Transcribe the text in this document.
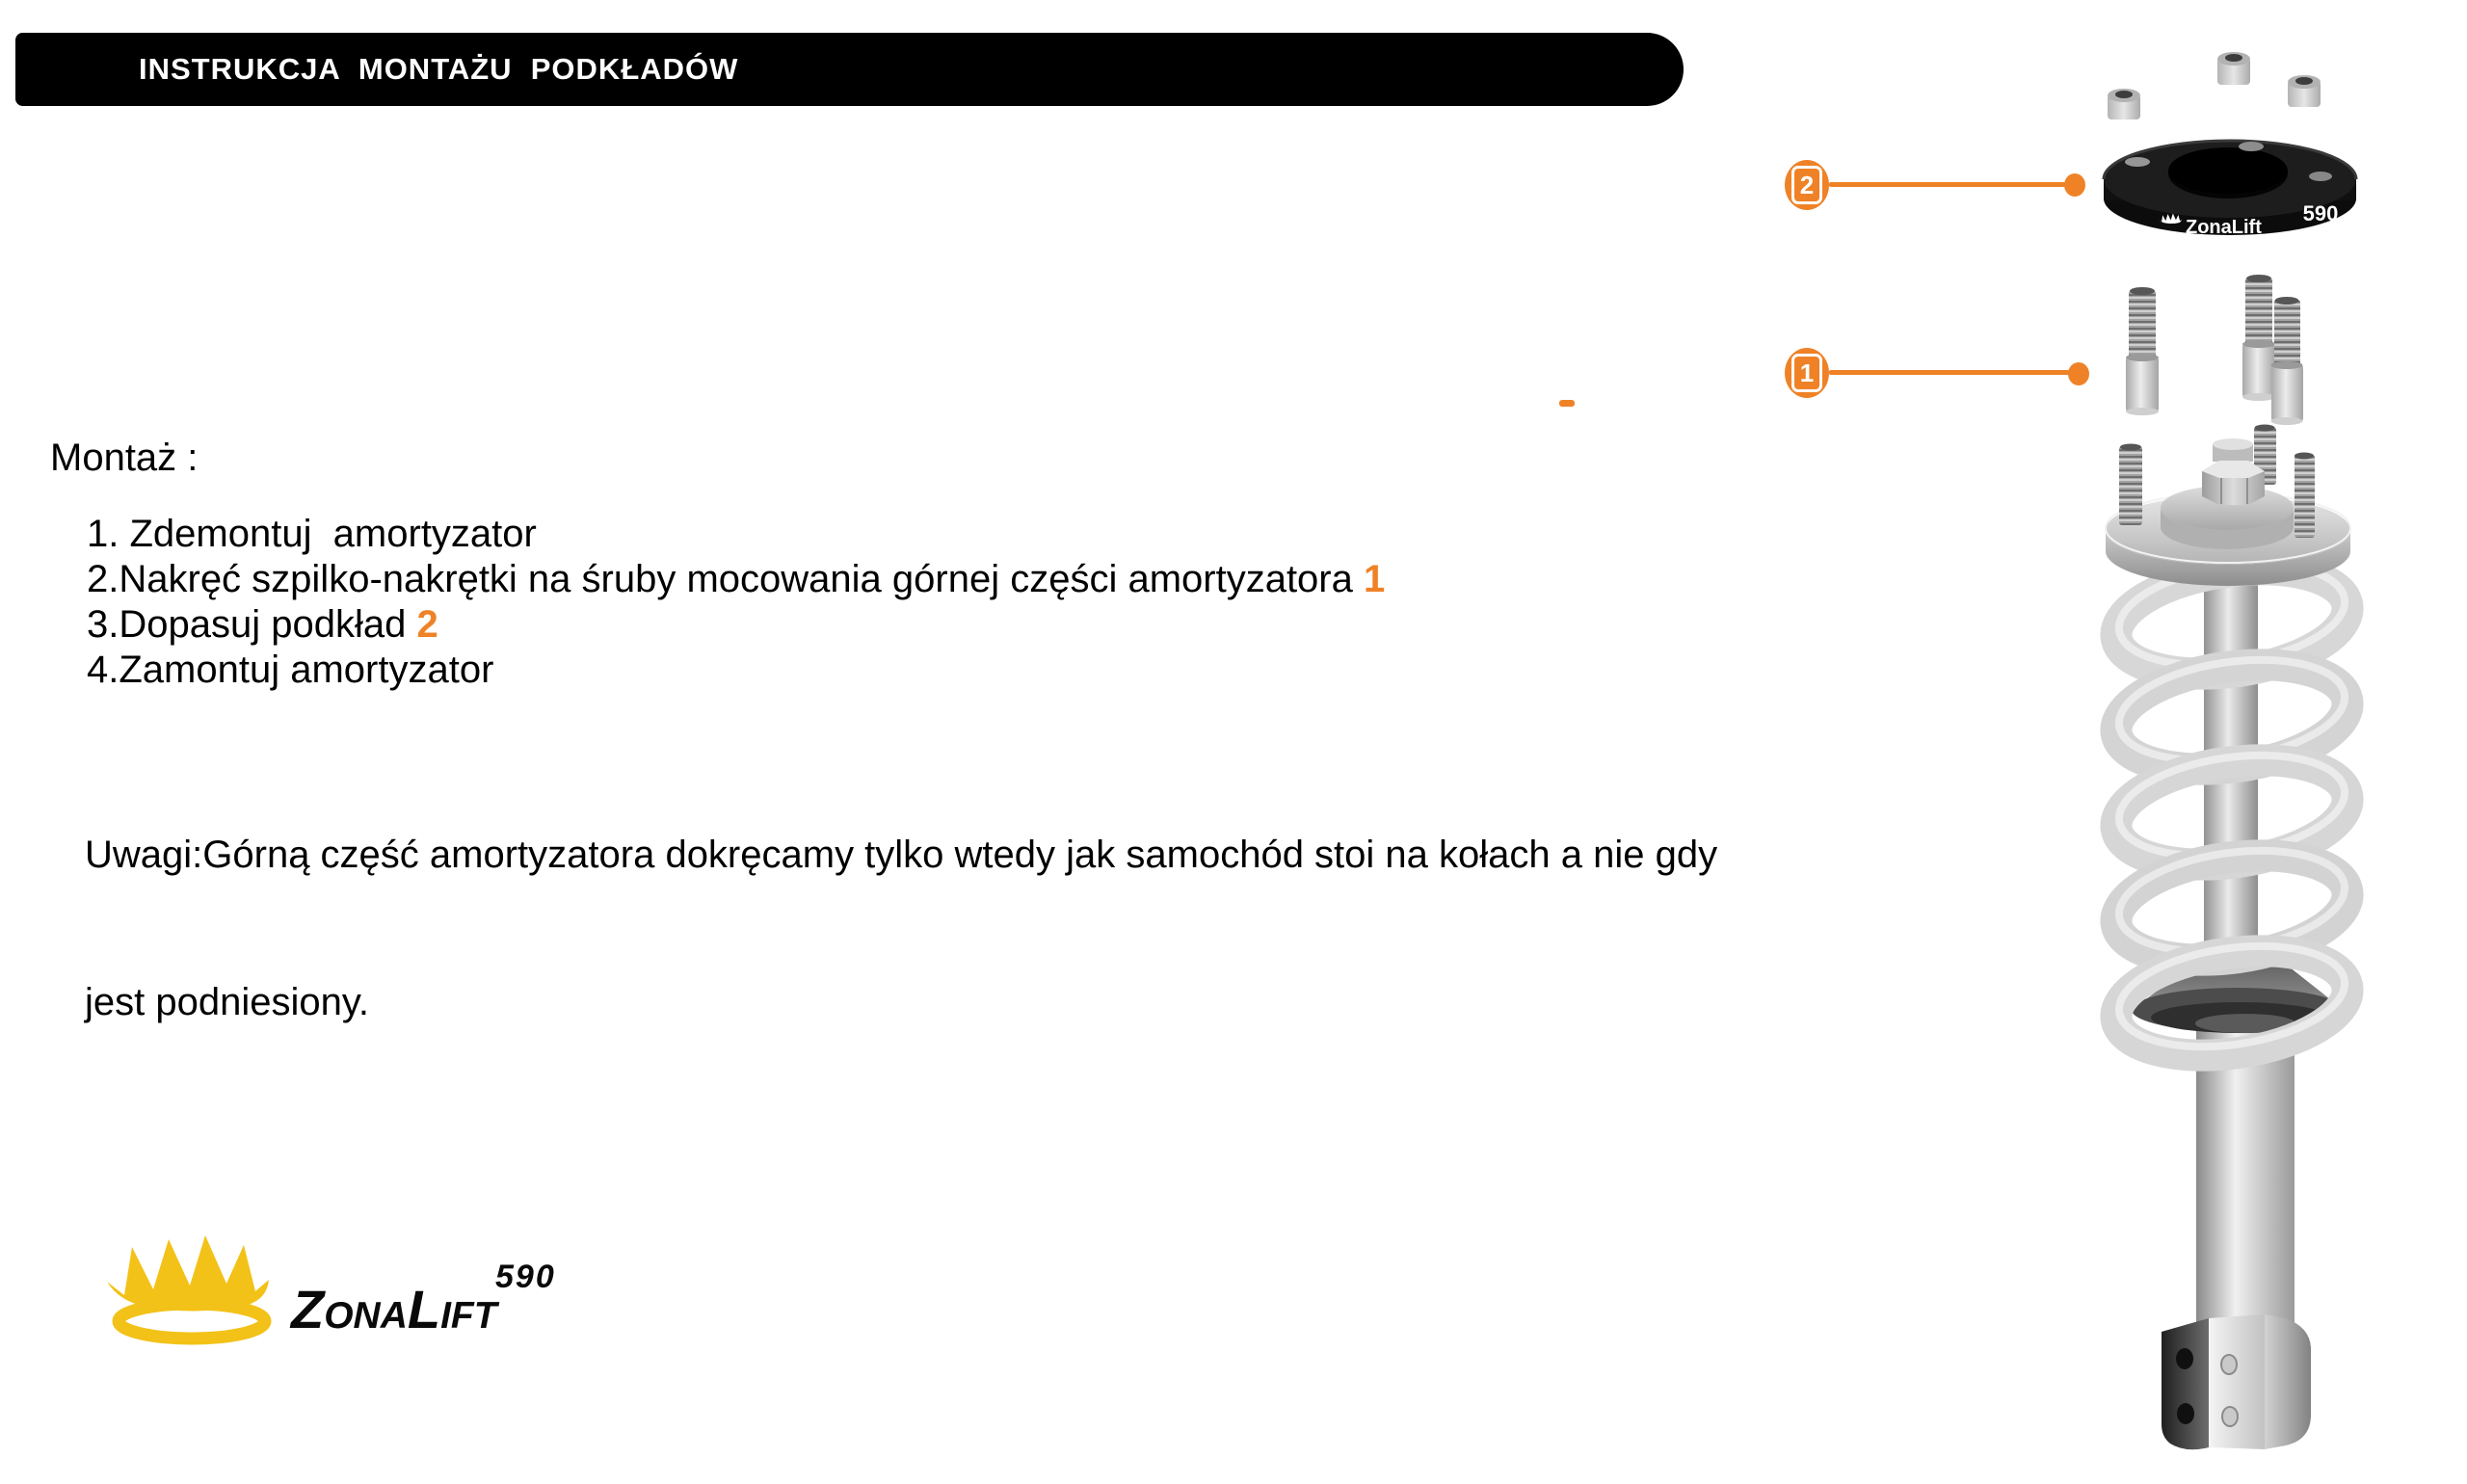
INSTRUKCJA  MONTAŻU  PODKŁADÓW
Montaż :
1. Zdemontuj  amortyzator
2.Nakręć szpilko-nakrętki na śruby mocowania górnej części amortyzatora 1
3.Dopasuj podkład 2
4.Zamontuj amortyzator

Uwagi:Górną część amortyzatora dokręcamy tylko wtedy jak samochód stoi na kołach a nie gdy

jest podniesiony.

2
1
590
ZonaLift
ZonaLift
590
